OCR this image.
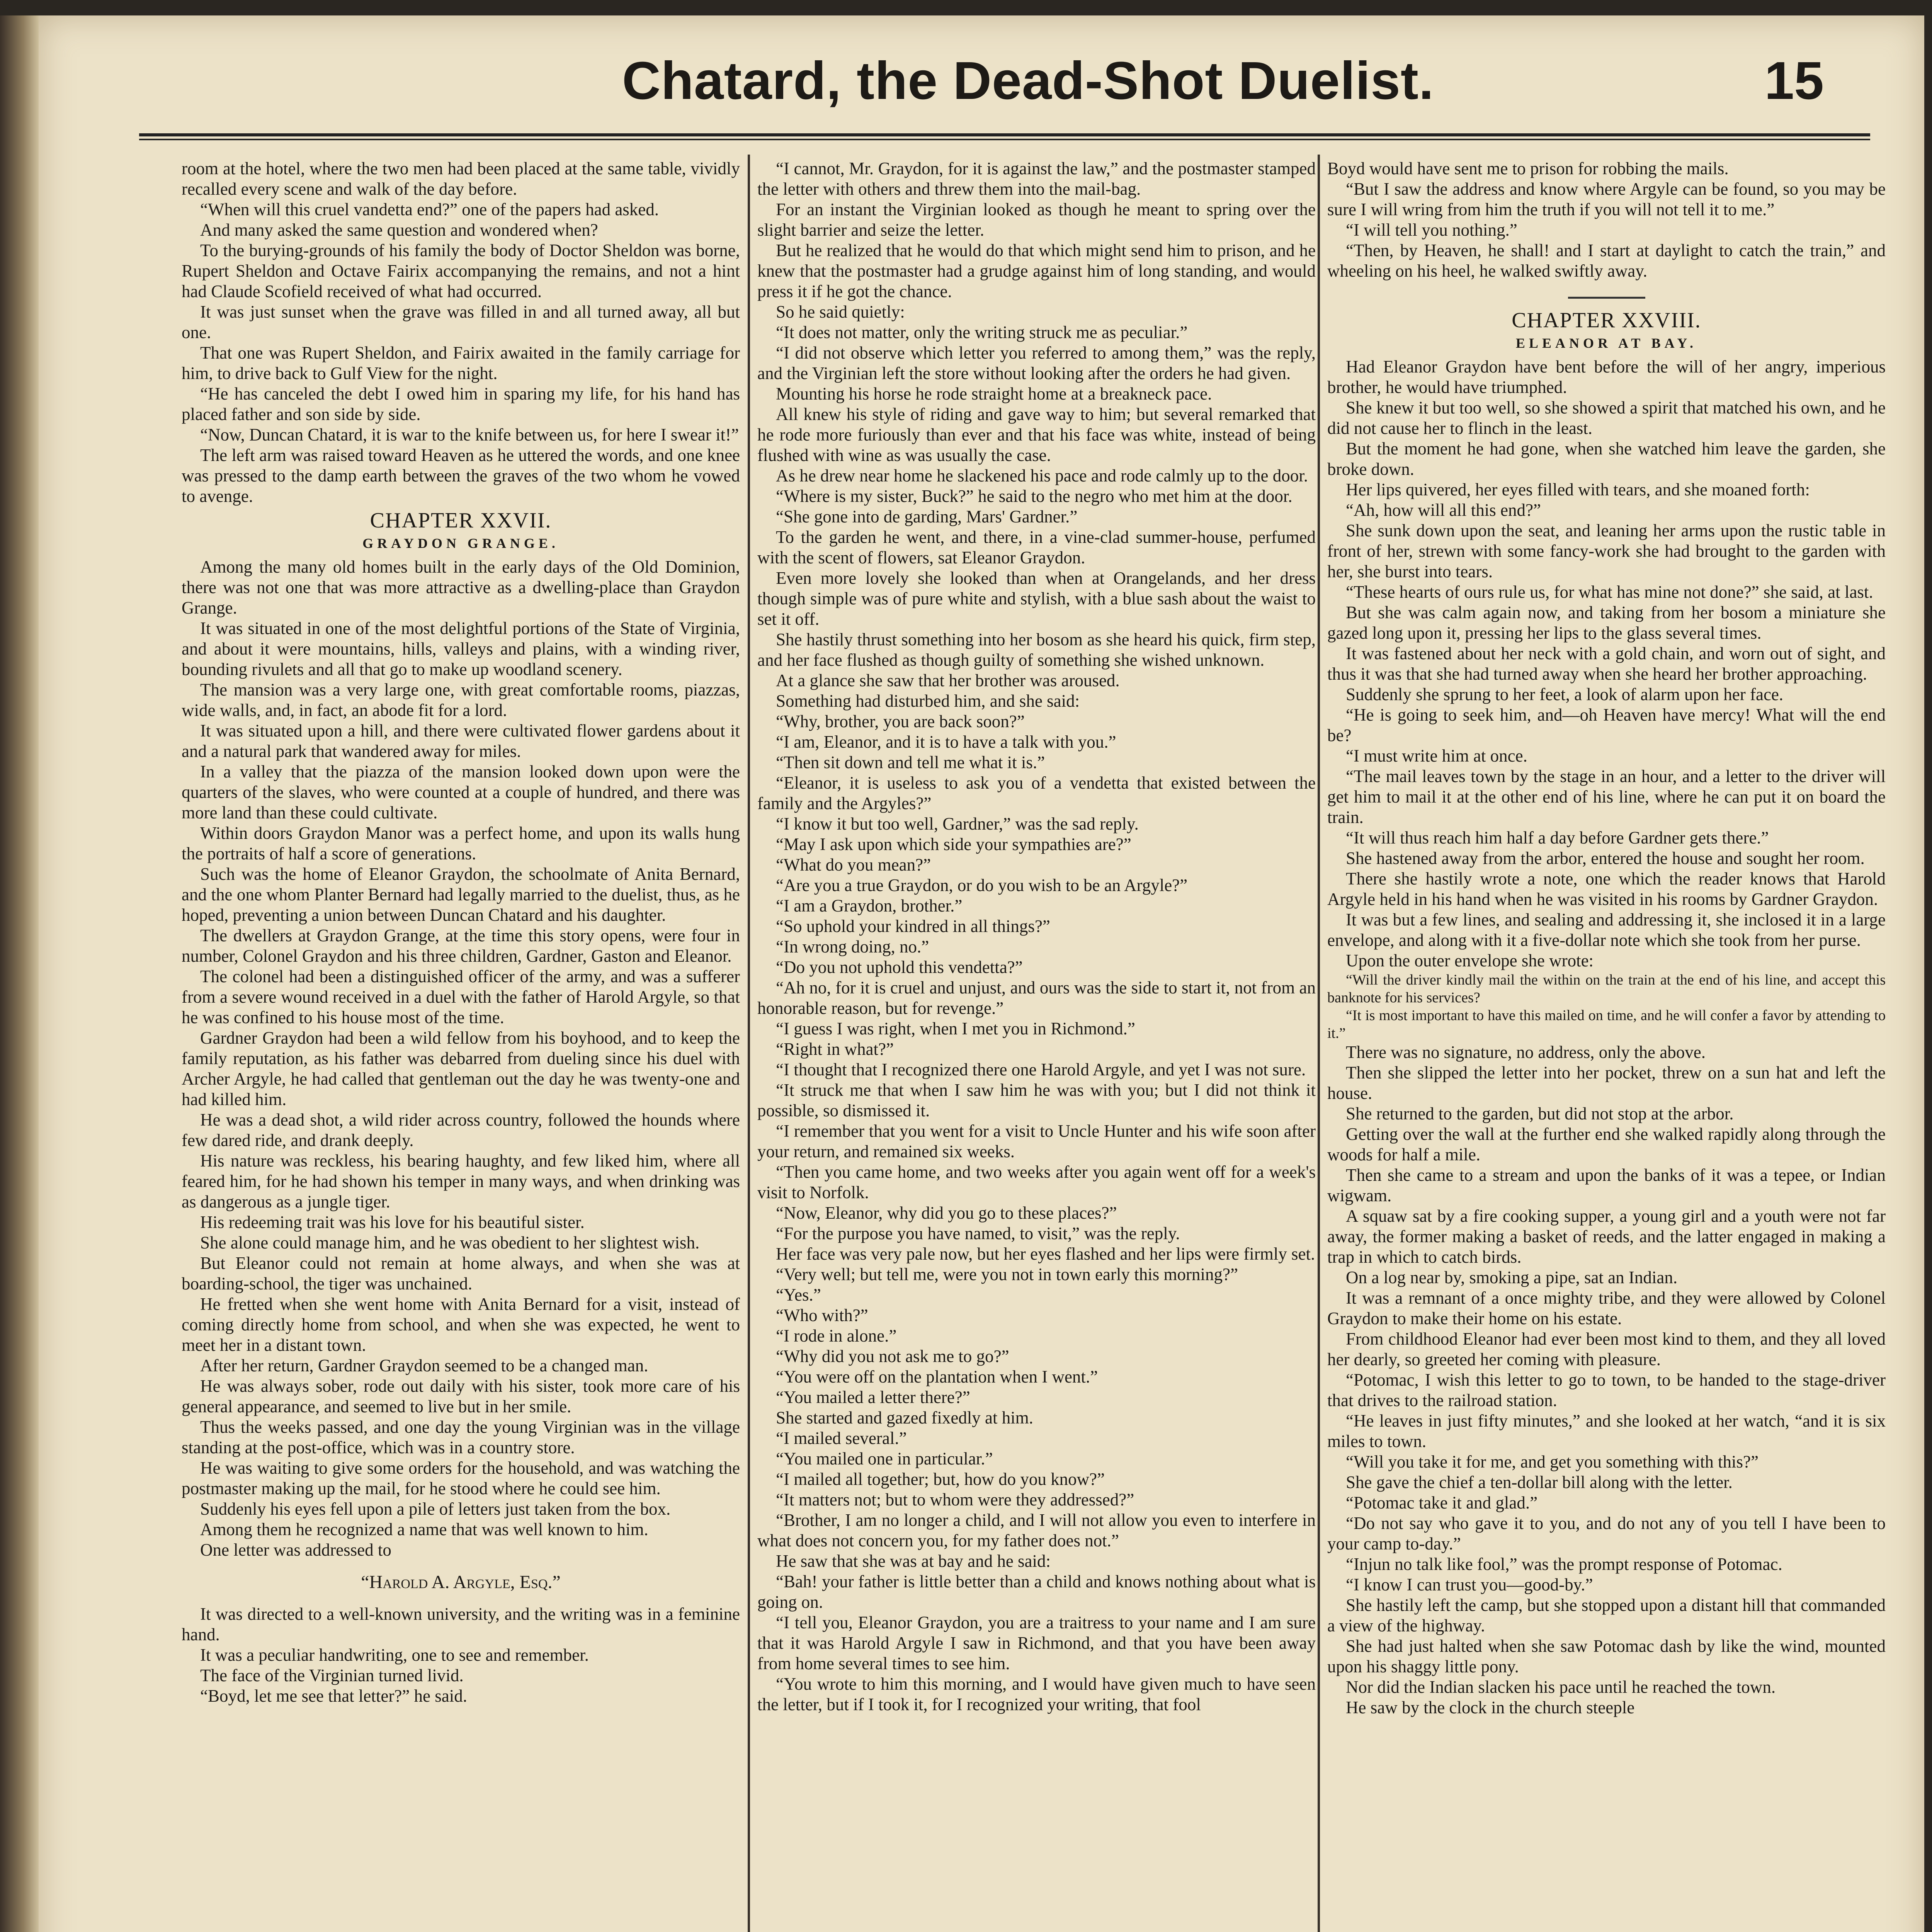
Chatard, the Dead-Shot Duelist.	15

room at the hotel, where the two men had been placed at the same table, vividly recalled every scene and walk of the day before.

“When will this cruel vandetta end?” one of the papers had asked.

And many asked the same question and wondered when?

To the burying-grounds of his family the body of Doctor Sheldon was borne, Rupert Sheldon and Octave Fairix accompanying the remains, and not a hint had Claude Scofield received of what had occurred.

It was just sunset when the grave was filled in and all turned away, all but one.

That one was Rupert Sheldon, and Fairix awaited in the family carriage for him, to drive back to Gulf View for the night.

“He has canceled the debt I owed him in sparing my life, for his hand has placed father and son side by side.

“Now, Duncan Chatard, it is war to the knife between us, for here I swear it!”

The left arm was raised toward Heaven as he uttered the words, and one knee was pressed to the damp earth between the graves of the two whom he vowed to avenge.

CHAPTER XXVII.
GRAYDON GRANGE.

Among the many old homes built in the early days of the Old Dominion, there was not one that was more attractive as a dwelling-place than Graydon Grange.

It was situated in one of the most delightful portions of the State of Virginia, and about it were mountains, hills, valleys and plains, with a winding river, bounding rivulets and all that go to make up woodland scenery.

The mansion was a very large one, with great comfortable rooms, piazzas, wide walls, and, in fact, an abode fit for a lord.

It was situated upon a hill, and there were cultivated flower gardens about it and a natural park that wandered away for miles.

In a valley that the piazza of the mansion looked down upon were the quarters of the slaves, who were counted at a couple of hundred, and there was more land than these could cultivate.

Within doors Graydon Manor was a perfect home, and upon its walls hung the portraits of half a score of generations.

Such was the home of Eleanor Graydon, the schoolmate of Anita Bernard, and the one whom Planter Bernard had legally married to the duelist, thus, as he hoped, preventing a union between Duncan Chatard and his daughter.

The dwellers at Graydon Grange, at the time this story opens, were four in number, Colonel Graydon and his three children, Gardner, Gaston and Eleanor.

The colonel had been a distinguished officer of the army, and was a sufferer from a severe wound received in a duel with the father of Harold Argyle, so that he was confined to his house most of the time.

Gardner Graydon had been a wild fellow from his boyhood, and to keep the family reputation, as his father was debarred from dueling since his duel with Archer Argyle, he had called that gentleman out the day he was twenty-one and had killed him.

He was a dead shot, a wild rider across country, followed the hounds where few dared ride, and drank deeply.

His nature was reckless, his bearing haughty, and few liked him, where all feared him, for he had shown his temper in many ways, and when drinking was as dangerous as a jungle tiger.

His redeeming trait was his love for his beautiful sister.

She alone could manage him, and he was obedient to her slightest wish.

But Eleanor could not remain at home always, and when she was at boarding-school, the tiger was unchained.

He fretted when she went home with Anita Bernard for a visit, instead of coming directly home from school, and when she was expected, he went to meet her in a distant town.

After her return, Gardner Graydon seemed to be a changed man.

He was always sober, rode out daily with his sister, took more care of his general appearance, and seemed to live but in her smile.

Thus the weeks passed, and one day the young Virginian was in the village standing at the post-office, which was in a country store.

He was waiting to give some orders for the household, and was watching the postmaster making up the mail, for he stood where he could see him.

Suddenly his eyes fell upon a pile of letters just taken from the box.

Among them he recognized a name that was well known to him.

One letter was addressed to

“Harold A. Argyle, Esq.”

It was directed to a well-known university, and the writing was in a feminine hand.

It was a peculiar handwriting, one to see and remember.

The face of the Virginian turned livid.

“Boyd, let me see that letter?” he said.

“I cannot, Mr. Graydon, for it is against the law,” and the postmaster stamped the letter with others and threw them into the mail-bag.

For an instant the Virginian looked as though he meant to spring over the slight barrier and seize the letter.

But he realized that he would do that which might send him to prison, and he knew that the postmaster had a grudge against him of long standing, and would press it if he got the chance.

So he said quietly:

“It does not matter, only the writing struck me as peculiar.”

“I did not observe which letter you referred to among them,” was the reply, and the Virginian left the store without looking after the orders he had given.

Mounting his horse he rode straight home at a breakneck pace.

All knew his style of riding and gave way to him; but several remarked that he rode more furiously than ever and that his face was white, instead of being flushed with wine as was usually the case.

As he drew near home he slackened his pace and rode calmly up to the door.

“Where is my sister, Buck?” he said to the negro who met him at the door.

“She gone into de garding, Mars' Gardner.”

To the garden he went, and there, in a vine-clad summer-house, perfumed with the scent of flowers, sat Eleanor Graydon.

Even more lovely she looked than when at Orangelands, and her dress though simple was of pure white and stylish, with a blue sash about the waist to set it off.

She hastily thrust something into her bosom as she heard his quick, firm step, and her face flushed as though guilty of something she wished unknown.

At a glance she saw that her brother was aroused.

Something had disturbed him, and she said:

“Why, brother, you are back soon?”

“I am, Eleanor, and it is to have a talk with you.”

“Then sit down and tell me what it is.”

“Eleanor, it is useless to ask you of a vendetta that existed between the family and the Argyles?”

“I know it but too well, Gardner,” was the sad reply.

“May I ask upon which side your sympathies are?”

“What do you mean?”

“Are you a true Graydon, or do you wish to be an Argyle?”

“I am a Graydon, brother.”

“So uphold your kindred in all things?”

“In wrong doing, no.”

“Do you not uphold this vendetta?”

“Ah no, for it is cruel and unjust, and ours was the side to start it, not from an honorable reason, but for revenge.”

“I guess I was right, when I met you in Richmond.”

“Right in what?”

“I thought that I recognized there one Harold Argyle, and yet I was not sure.

“It struck me that when I saw him he was with you; but I did not think it possible, so dismissed it.

“I remember that you went for a visit to Uncle Hunter and his wife soon after your return, and remained six weeks.

“Then you came home, and two weeks after you again went off for a week's visit to Norfolk.

“Now, Eleanor, why did you go to these places?”

“For the purpose you have named, to visit,” was the reply.

Her face was very pale now, but her eyes flashed and her lips were firmly set.

“Very well; but tell me, were you not in town early this morning?”

“Yes.”

“Who with?”

“I rode in alone.”

“Why did you not ask me to go?”

“You were off on the plantation when I went.”

“You mailed a letter there?”

She started and gazed fixedly at him.

“I mailed several.”

“You mailed one in particular.”

“I mailed all together; but, how do you know?”

“It matters not; but to whom were they addressed?”

“Brother, I am no longer a child, and I will not allow you even to interfere in what does not concern you, for my father does not.”

He saw that she was at bay and he said:

“Bah! your father is little better than a child and knows nothing about what is going on.

“I tell you, Eleanor Graydon, you are a traitress to your name and I am sure that it was Harold Argyle I saw in Richmond, and that you have been away from home several times to see him.

“You wrote to him this morning, and I would have given much to have seen the letter, but if I took it, for I recognized your writing, that fool

Boyd would have sent me to prison for robbing the mails.

“But I saw the address and know where Argyle can be found, so you may be sure I will wring from him the truth if you will not tell it to me.”

“I will tell you nothing.”

“Then, by Heaven, he shall! and I start at daylight to catch the train,” and wheeling on his heel, he walked swiftly away.

CHAPTER XXVIII.
ELEANOR AT BAY.

Had Eleanor Graydon have bent before the will of her angry, imperious brother, he would have triumphed.

She knew it but too well, so she showed a spirit that matched his own, and he did not cause her to flinch in the least.

But the moment he had gone, when she watched him leave the garden, she broke down.

Her lips quivered, her eyes filled with tears, and she moaned forth:

“Ah, how will all this end?”

She sunk down upon the seat, and leaning her arms upon the rustic table in front of her, strewn with some fancy-work she had brought to the garden with her, she burst into tears.

“These hearts of ours rule us, for what has mine not done?” she said, at last.

But she was calm again now, and taking from her bosom a miniature she gazed long upon it, pressing her lips to the glass several times.

It was fastened about her neck with a gold chain, and worn out of sight, and thus it was that she had turned away when she heard her brother approaching.

Suddenly she sprung to her feet, a look of alarm upon her face.

“He is going to seek him, and—oh Heaven have mercy! What will the end be?

“I must write him at once.

“The mail leaves town by the stage in an hour, and a letter to the driver will get him to mail it at the other end of his line, where he can put it on board the train.

“It will thus reach him half a day before Gardner gets there.”

She hastened away from the arbor, entered the house and sought her room.

There she hastily wrote a note, one which the reader knows that Harold Argyle held in his hand when he was visited in his rooms by Gardner Graydon.

It was but a few lines, and sealing and addressing it, she inclosed it in a large envelope, and along with it a five-dollar note which she took from her purse.

Upon the outer envelope she wrote:

“Will the driver kindly mail the within on the train at the end of his line, and accept this banknote for his services?

“It is most important to have this mailed on time, and he will confer a favor by attending to it.”

There was no signature, no address, only the above.

Then she slipped the letter into her pocket, threw on a sun hat and left the house.

She returned to the garden, but did not stop at the arbor.

Getting over the wall at the further end she walked rapidly along through the woods for half a mile.

Then she came to a stream and upon the banks of it was a tepee, or Indian wigwam.

A squaw sat by a fire cooking supper, a young girl and a youth were not far away, the former making a basket of reeds, and the latter engaged in making a trap in which to catch birds.

On a log near by, smoking a pipe, sat an Indian.

It was a remnant of a once mighty tribe, and they were allowed by Colonel Graydon to make their home on his estate.

From childhood Eleanor had ever been most kind to them, and they all loved her dearly, so greeted her coming with pleasure.

“Potomac, I wish this letter to go to town, to be handed to the stage-driver that drives to the railroad station.

“He leaves in just fifty minutes,” and she looked at her watch, “and it is six miles to town.

“Will you take it for me, and get you something with this?”

She gave the chief a ten-dollar bill along with the letter.

“Potomac take it and glad.”

“Do not say who gave it to you, and do not any of you tell I have been to your camp to-day.”

“Injun no talk like fool,” was the prompt response of Potomac.

“I know I can trust you—good-by.”

She hastily left the camp, but she stopped upon a distant hill that commanded a view of the highway.

She had just halted when she saw Potomac dash by like the wind, mounted upon his shaggy little pony.

Nor did the Indian slacken his pace until he reached the town.

He saw by the clock in the church steeple
